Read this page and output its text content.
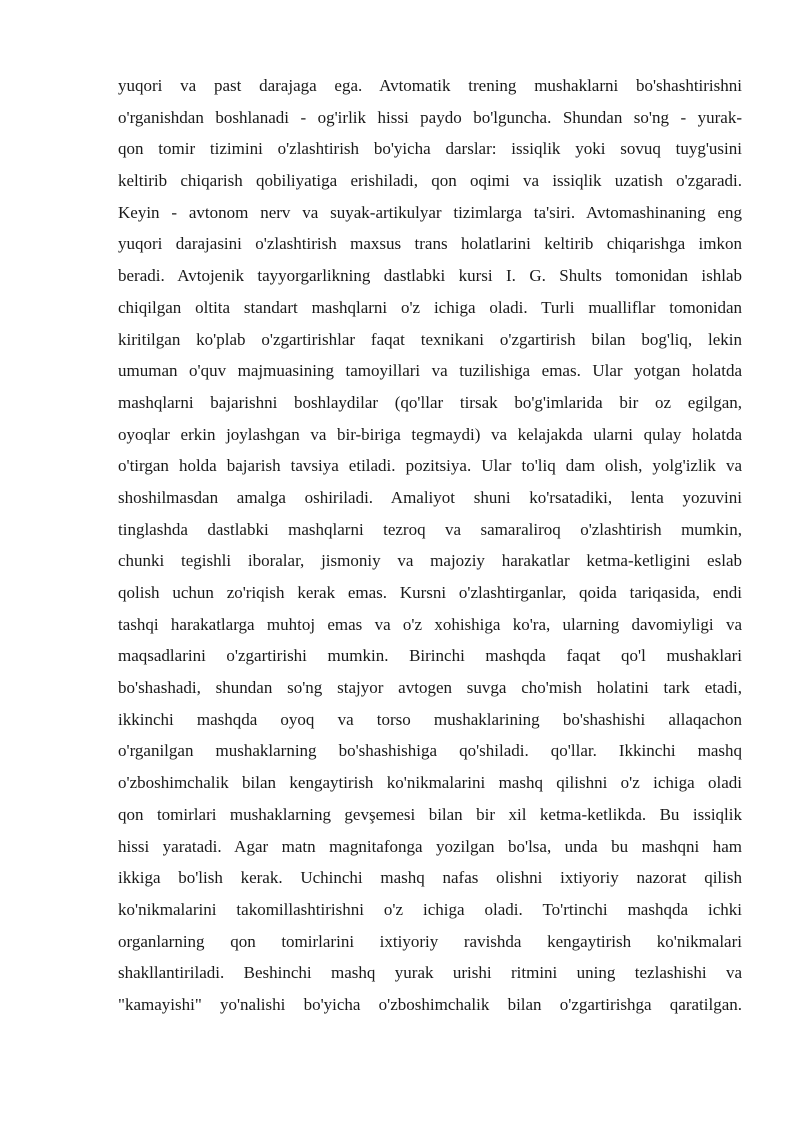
yuqori va past darajaga ega. Avtomatik trening mushaklarni bo'shashtirishni
o'rganishdan boshlanadi - og'irlik hissi paydo bo'lguncha. Shundan so'ng - yurak-
qon tomir tizimini o'zlashtirish bo'yicha darslar: issiqlik yoki sovuq tuyg'usini
keltirib chiqarish qobiliyatiga erishiladi, qon oqimi va issiqlik uzatish o'zgaradi.
Keyin - avtonom nerv va suyak-artikulyar tizimlarga ta'siri. Avtomashinaning eng
yuqori darajasini o'zlashtirish maxsus trans holatlarini keltirib chiqarishga imkon
beradi. Avtojenik tayyorgarlikning dastlabki kursi I. G. Shults tomonidan ishlab
chiqilgan oltita standart mashqlarni o'z ichiga oladi. Turli mualliflar tomonidan
kiritilgan ko'plab o'zgartirishlar faqat texnikani o'zgartirish bilan bog'liq, lekin
umuman o'quv majmuasining tamoyillari va tuzilishiga emas. Ular yotgan holatda
mashqlarni bajarishni boshlaydilar (qo'llar tirsak bo'g'imlarida bir oz egilgan,
oyoqlar erkin joylashgan va bir-biriga tegmaydi) va kelajakda ularni qulay holatda
o'tirgan holda bajarish tavsiya etiladi. pozitsiya. Ular to'liq dam olish, yolg'izlik va
shoshilmasdan amalga oshiriladi. Amaliyot shuni ko'rsatadiki, lenta yozuvini
tinglashda dastlabki mashqlarni tezroq va samaraliroq o'zlashtirish mumkin,
chunki tegishli iboralar, jismoniy va majoziy harakatlar ketma-ketligini eslab
qolish uchun zo'riqish kerak emas. Kursni o'zlashtirganlar, qoida tariqasida, endi
tashqi harakatlarga muhtoj emas va o'z xohishiga ko'ra, ularning davomiyligi va
maqsadlarini o'zgartirishi mumkin. Birinchi mashqda faqat qo'l mushaklari
bo'shashadi, shundan so'ng stajyor avtogen suvga cho'mish holatini tark etadi,
ikkinchi mashqda oyoq va torso mushaklarining bo'shashishi allaqachon
o'rganilgan mushaklarning bo'shashishiga qo'shiladi. qo'llar. Ikkinchi mashq
o'zboshimchalik bilan kengaytirish ko'nikmalarini mashq qilishni o'z ichiga oladi
qon tomirlari mushaklarning gevşemesi bilan bir xil ketma-ketlikda. Bu issiqlik
hissi yaratadi. Agar matn magnitafonga yozilgan bo'lsa, unda bu mashqni ham
ikkiga bo'lish kerak. Uchinchi mashq nafas olishni ixtiyoriy nazorat qilish
ko'nikmalarini takomillashtirishni o'z ichiga oladi. To'rtinchi mashqda ichki
organlarning qon tomirlarini ixtiyoriy ravishda kengaytirish ko'nikmalari
shakllantiriladi. Beshinchi mashq yurak urishi ritmini uning tezlashishi va
"kamayishi" yo'nalishi bo'yicha o'zboshimchalik bilan o'zgartirishga qaratilgan.
